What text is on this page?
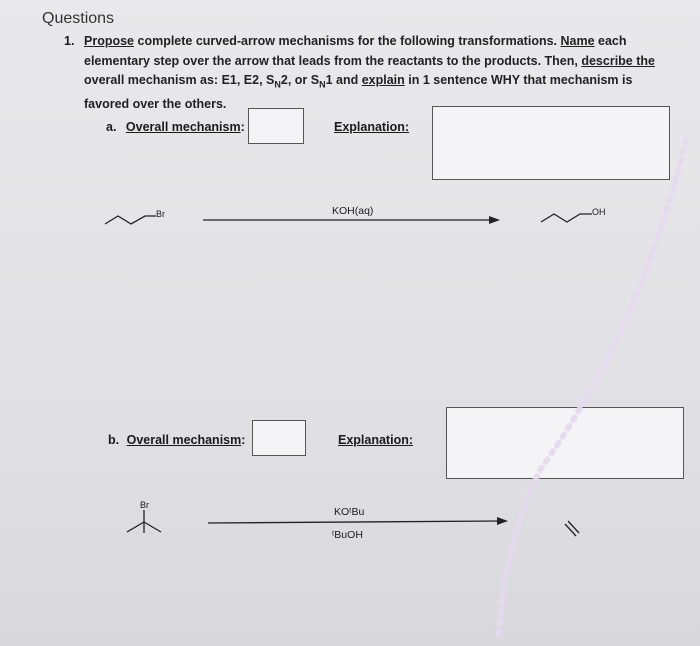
Questions
1. Propose complete curved-arrow mechanisms for the following transformations. Name each elementary step over the arrow that leads from the reactants to the products. Then, describe the overall mechanism as: E1, E2, $S_N2$, or $S_N1$ and explain in 1 sentence WHY that mechanism is favored over the others.
a. Overall mechanism:	Explanation:
Br	KOH(aq)	OH
b. Overall mechanism:	Explanation:
Br
KOᵗBu
ᵗBuOH
